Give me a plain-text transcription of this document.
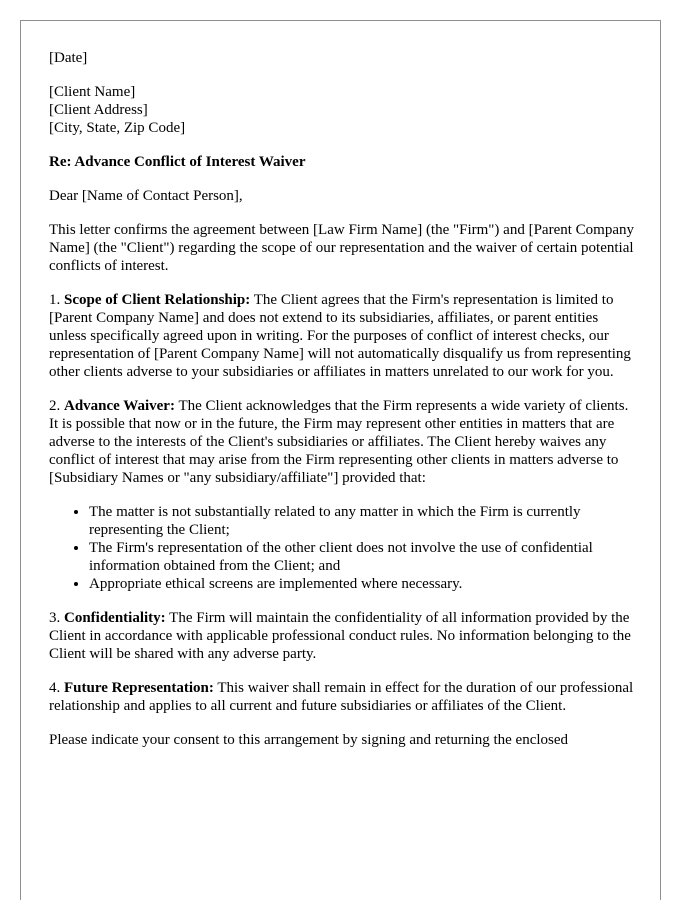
[Date]
[Client Name]
[Client Address]
[City, State, Zip Code]

Re: Advance Conflict of Interest Waiver

Dear [Name of Contact Person],

This letter confirms the agreement between [Law Firm Name] (the "Firm") and [Parent Company Name] (the "Client") regarding the scope of our representation and the waiver of certain potential conflicts of interest.

1. Scope of Client Relationship: The Client agrees that the Firm's representation is limited to [Parent Company Name] and does not extend to its subsidiaries, affiliates, or parent entities unless specifically agreed upon in writing. For the purposes of conflict of interest checks, our representation of [Parent Company Name] will not automatically disqualify us from representing other clients adverse to your subsidiaries or affiliates in matters unrelated to our work for you.

2. Advance Waiver: The Client acknowledges that the Firm represents a wide variety of clients. It is possible that now or in the future, the Firm may represent other entities in matters that are adverse to the interests of the Client's subsidiaries or affiliates. The Client hereby waives any conflict of interest that may arise from the Firm representing other clients in matters adverse to [Subsidiary Names or "any subsidiary/affiliate"] provided that:

• The matter is not substantially related to any matter in which the Firm is currently representing the Client;
• The Firm's representation of the other client does not involve the use of confidential information obtained from the Client; and
• Appropriate ethical screens are implemented where necessary.

3. Confidentiality: The Firm will maintain the confidentiality of all information provided by the Client in accordance with applicable professional conduct rules. No information belonging to the Client will be shared with any adverse party.

4. Future Representation: This waiver shall remain in effect for the duration of our professional relationship and applies to all current and future subsidiaries or affiliates of the Client.

Please indicate your consent to this arrangement by signing and returning the enclosed
